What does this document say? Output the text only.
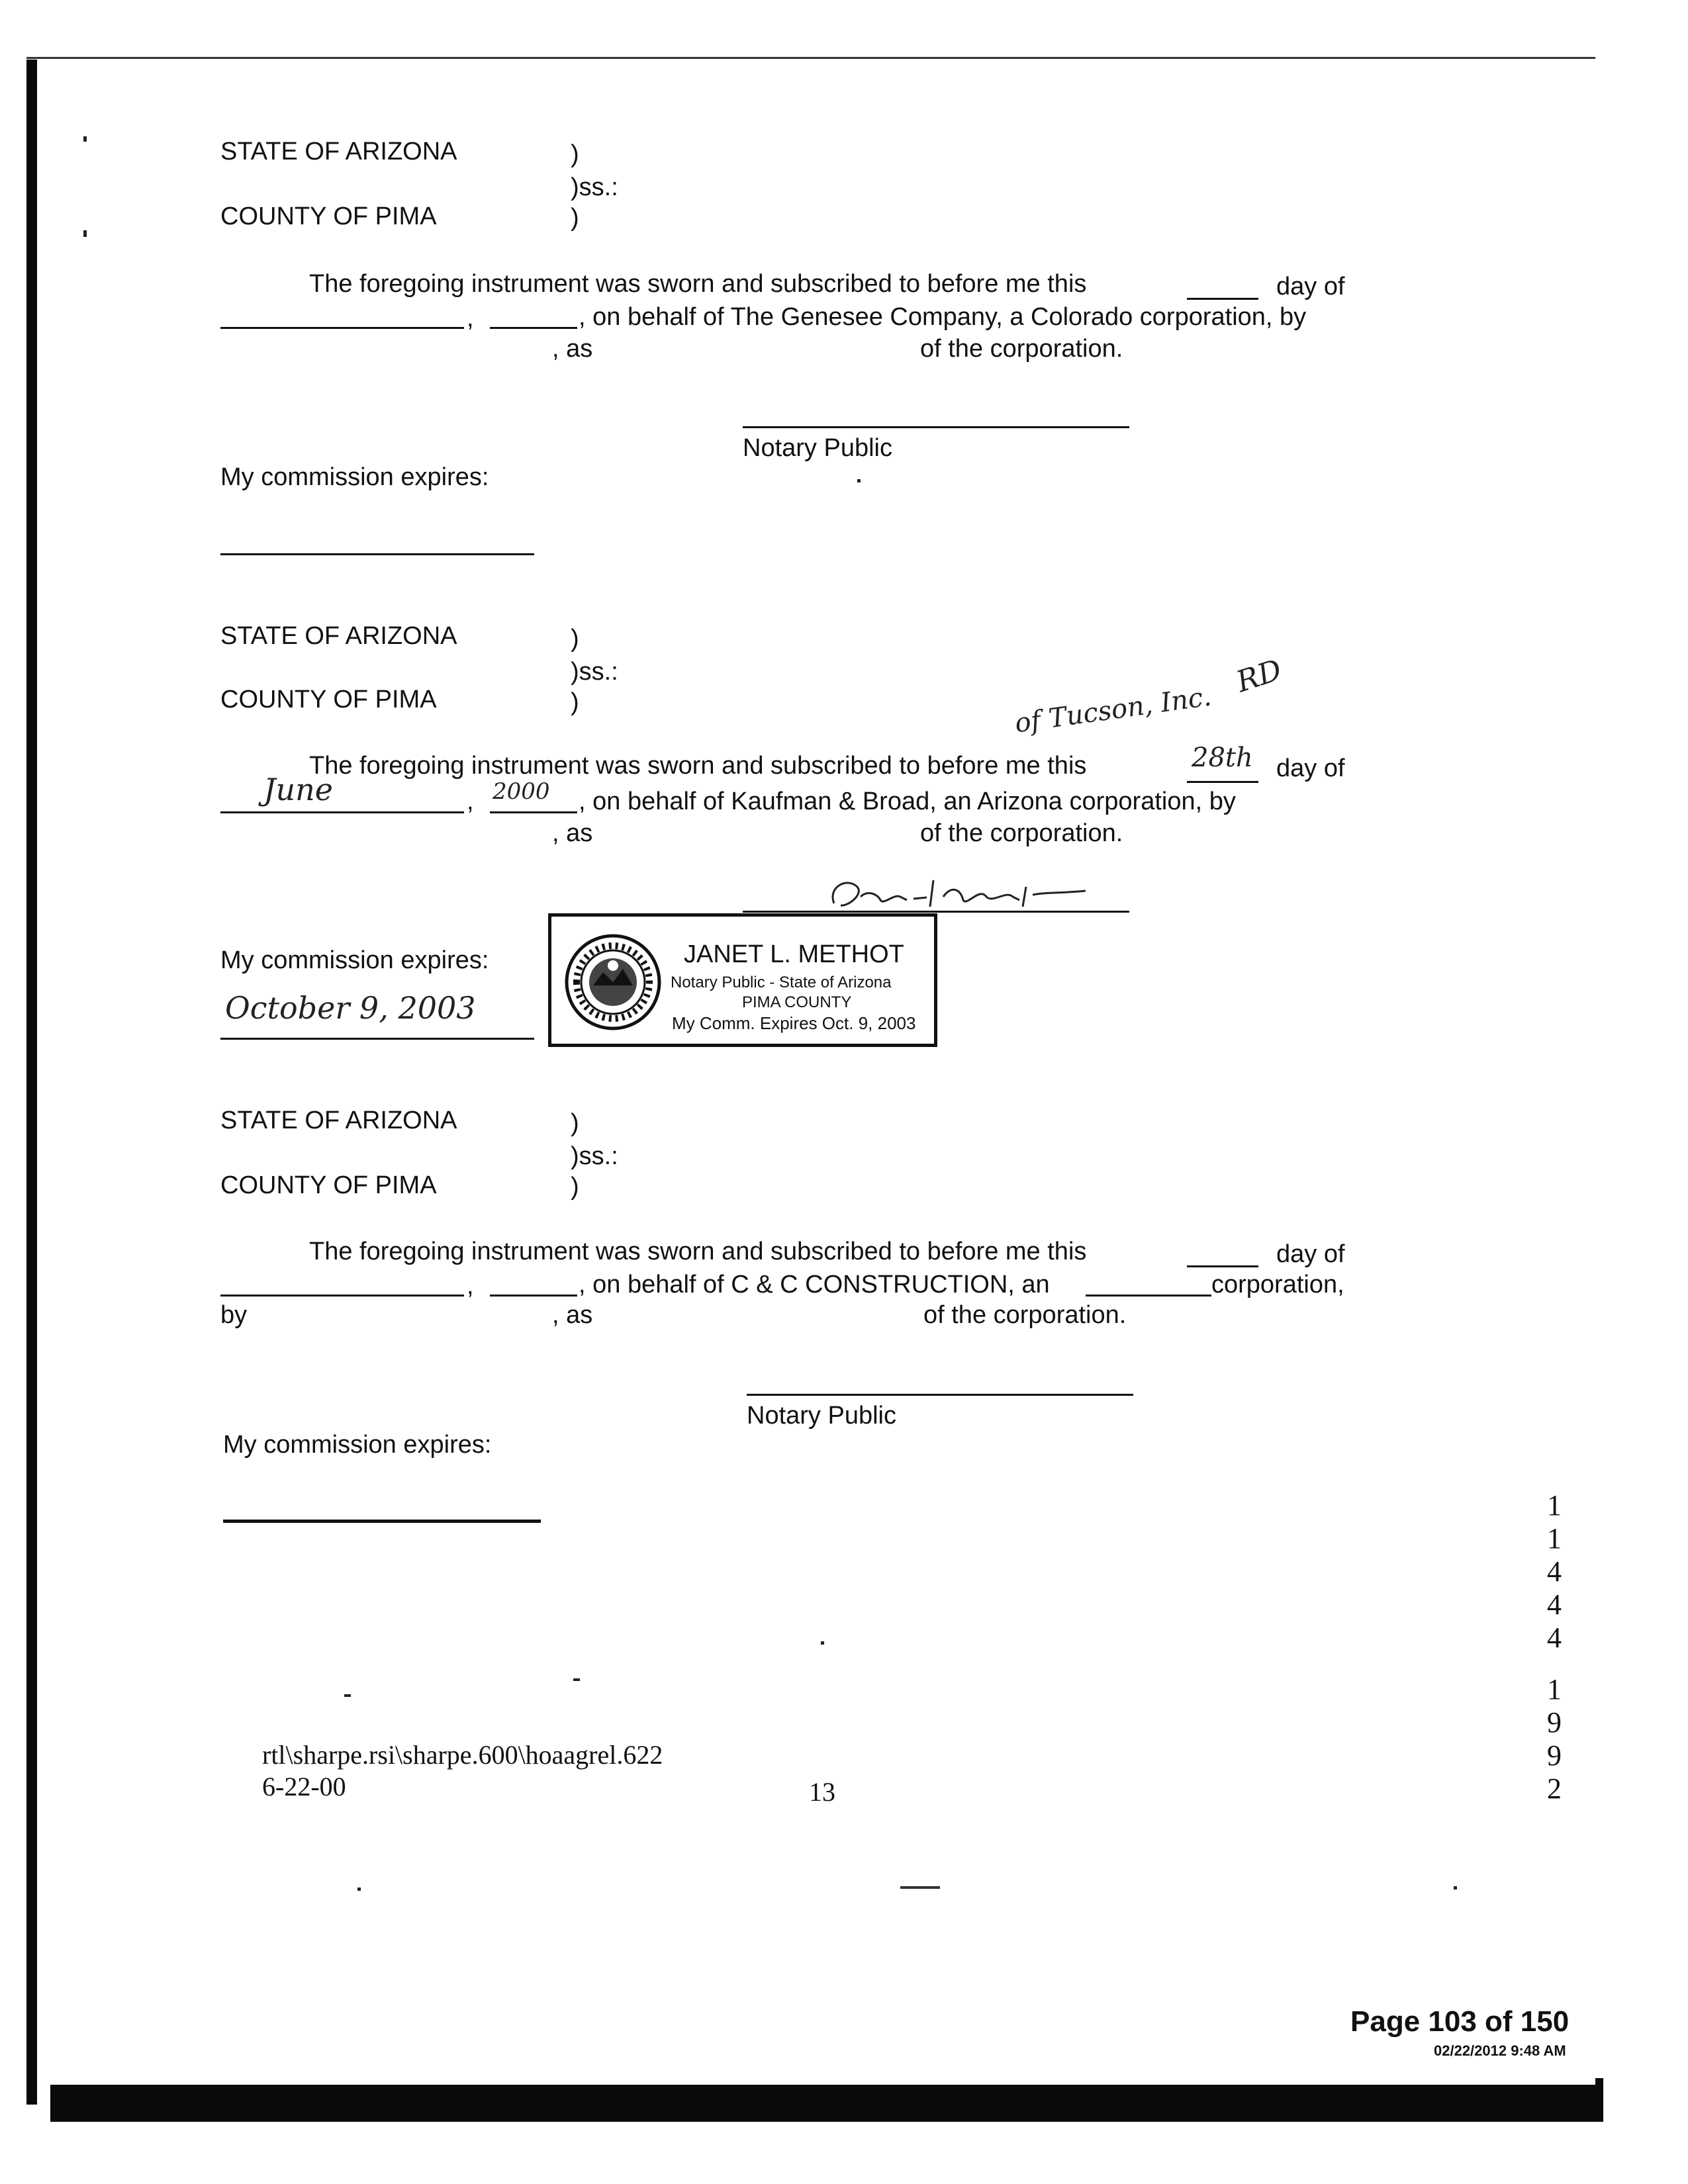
STATE OF ARIZONA	)
)ss.:
COUNTY OF PIMA	)
The foregoing instrument was sworn and subscribed to before me this	day of
,	, on behalf of The Genesee Company, a Colorado corporation, by
, as	of the corporation.
Notary Public
My commission expires:
STATE OF ARIZONA	)
)ss.:
COUNTY OF PIMA	)	of Tucson, Inc.
RD
The foregoing instrument was sworn and subscribed to before me this	28th day of
June	, 2000 , on behalf of Kaufman & Broad, an Arizona corporation, by
, as	of the corporation.
My commission expires:
October 9, 2003
JANET L. METHOT
Notary Public - State of Arizona
PIMA COUNTY
My Comm. Expires Oct. 9, 2003
STATE OF ARIZONA	)
)ss.:
COUNTY OF PIMA	)
The foregoing instrument was sworn and subscribed to before me this	day of
,	, on behalf of C & C CONSTRUCTION, an	corporation,
by	, as	of the corporation.
Notary Public
My commission expires:
rtl\sharpe.rsi\sharpe.600\hoaagrel.622
6-22-00	13
1
1
4
4
4
1
9
9
2
Page 103 of 150
02/22/2012 9:48 AM
